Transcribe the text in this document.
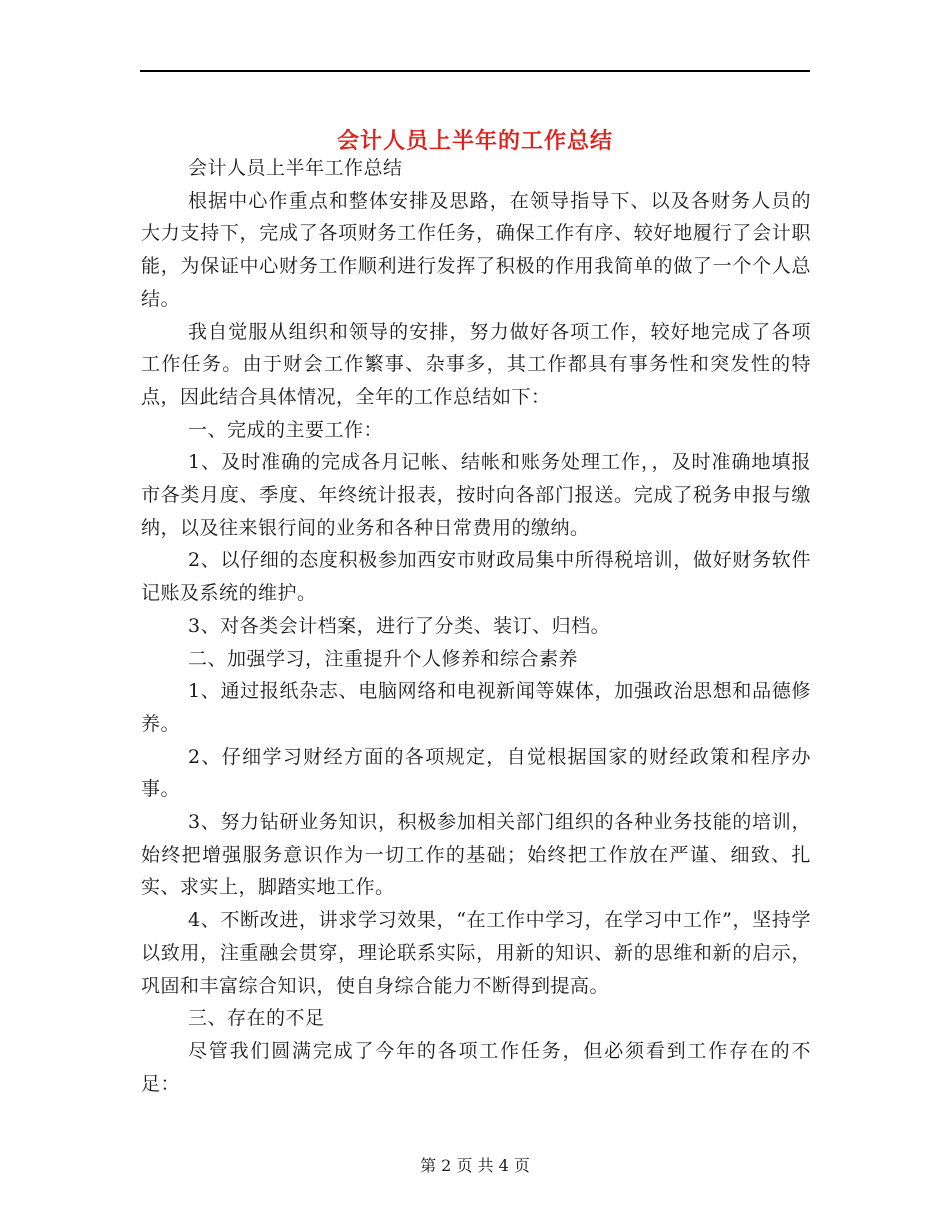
会计人员上半年的工作总结

会计人员上半年工作总结

根据中心作重点和整体安排及思路，在领导指导下、以及各财务人员的大力支持下，完成了各项财务工作任务，确保工作有序、较好地履行了会计职能，为保证中心财务工作顺利进行发挥了积极的作用我简单的做了一个个人总结。

我自觉服从组织和领导的安排，努力做好各项工作，较好地完成了各项工作任务。由于财会工作繁事、杂事多，其工作都具有事务性和突发性的特点，因此结合具体情况，全年的工作总结如下：

一、完成的主要工作：

1、及时准确的完成各月记帐、结帐和账务处理工作，，及时准确地填报市各类月度、季度、年终统计报表，按时向各部门报送。完成了税务申报与缴纳，以及往来银行间的业务和各种日常费用的缴纳。

2、以仔细的态度积极参加西安市财政局集中所得税培训，做好财务软件记账及系统的维护。

3、对各类会计档案，进行了分类、装订、归档。

二、加强学习，注重提升个人修养和综合素养

1、通过报纸杂志、电脑网络和电视新闻等媒体，加强政治思想和品德修养。

2、仔细学习财经方面的各项规定，自觉根据国家的财经政策和程序办事。

3、努力钻研业务知识，积极参加相关部门组织的各种业务技能的培训，始终把增强服务意识作为一切工作的基础；始终把工作放在严谨、细致、扎实、求实上，脚踏实地工作。

4、不断改进，讲求学习效果，“在工作中学习，在学习中工作”，坚持学以致用，注重融会贯穿，理论联系实际，用新的知识、新的思维和新的启示，巩固和丰富综合知识，使自身综合能力不断得到提高。

三、存在的不足

尽管我们圆满完成了今年的各项工作任务，但必须看到工作存在的不足：

第 2 页 共 4 页
